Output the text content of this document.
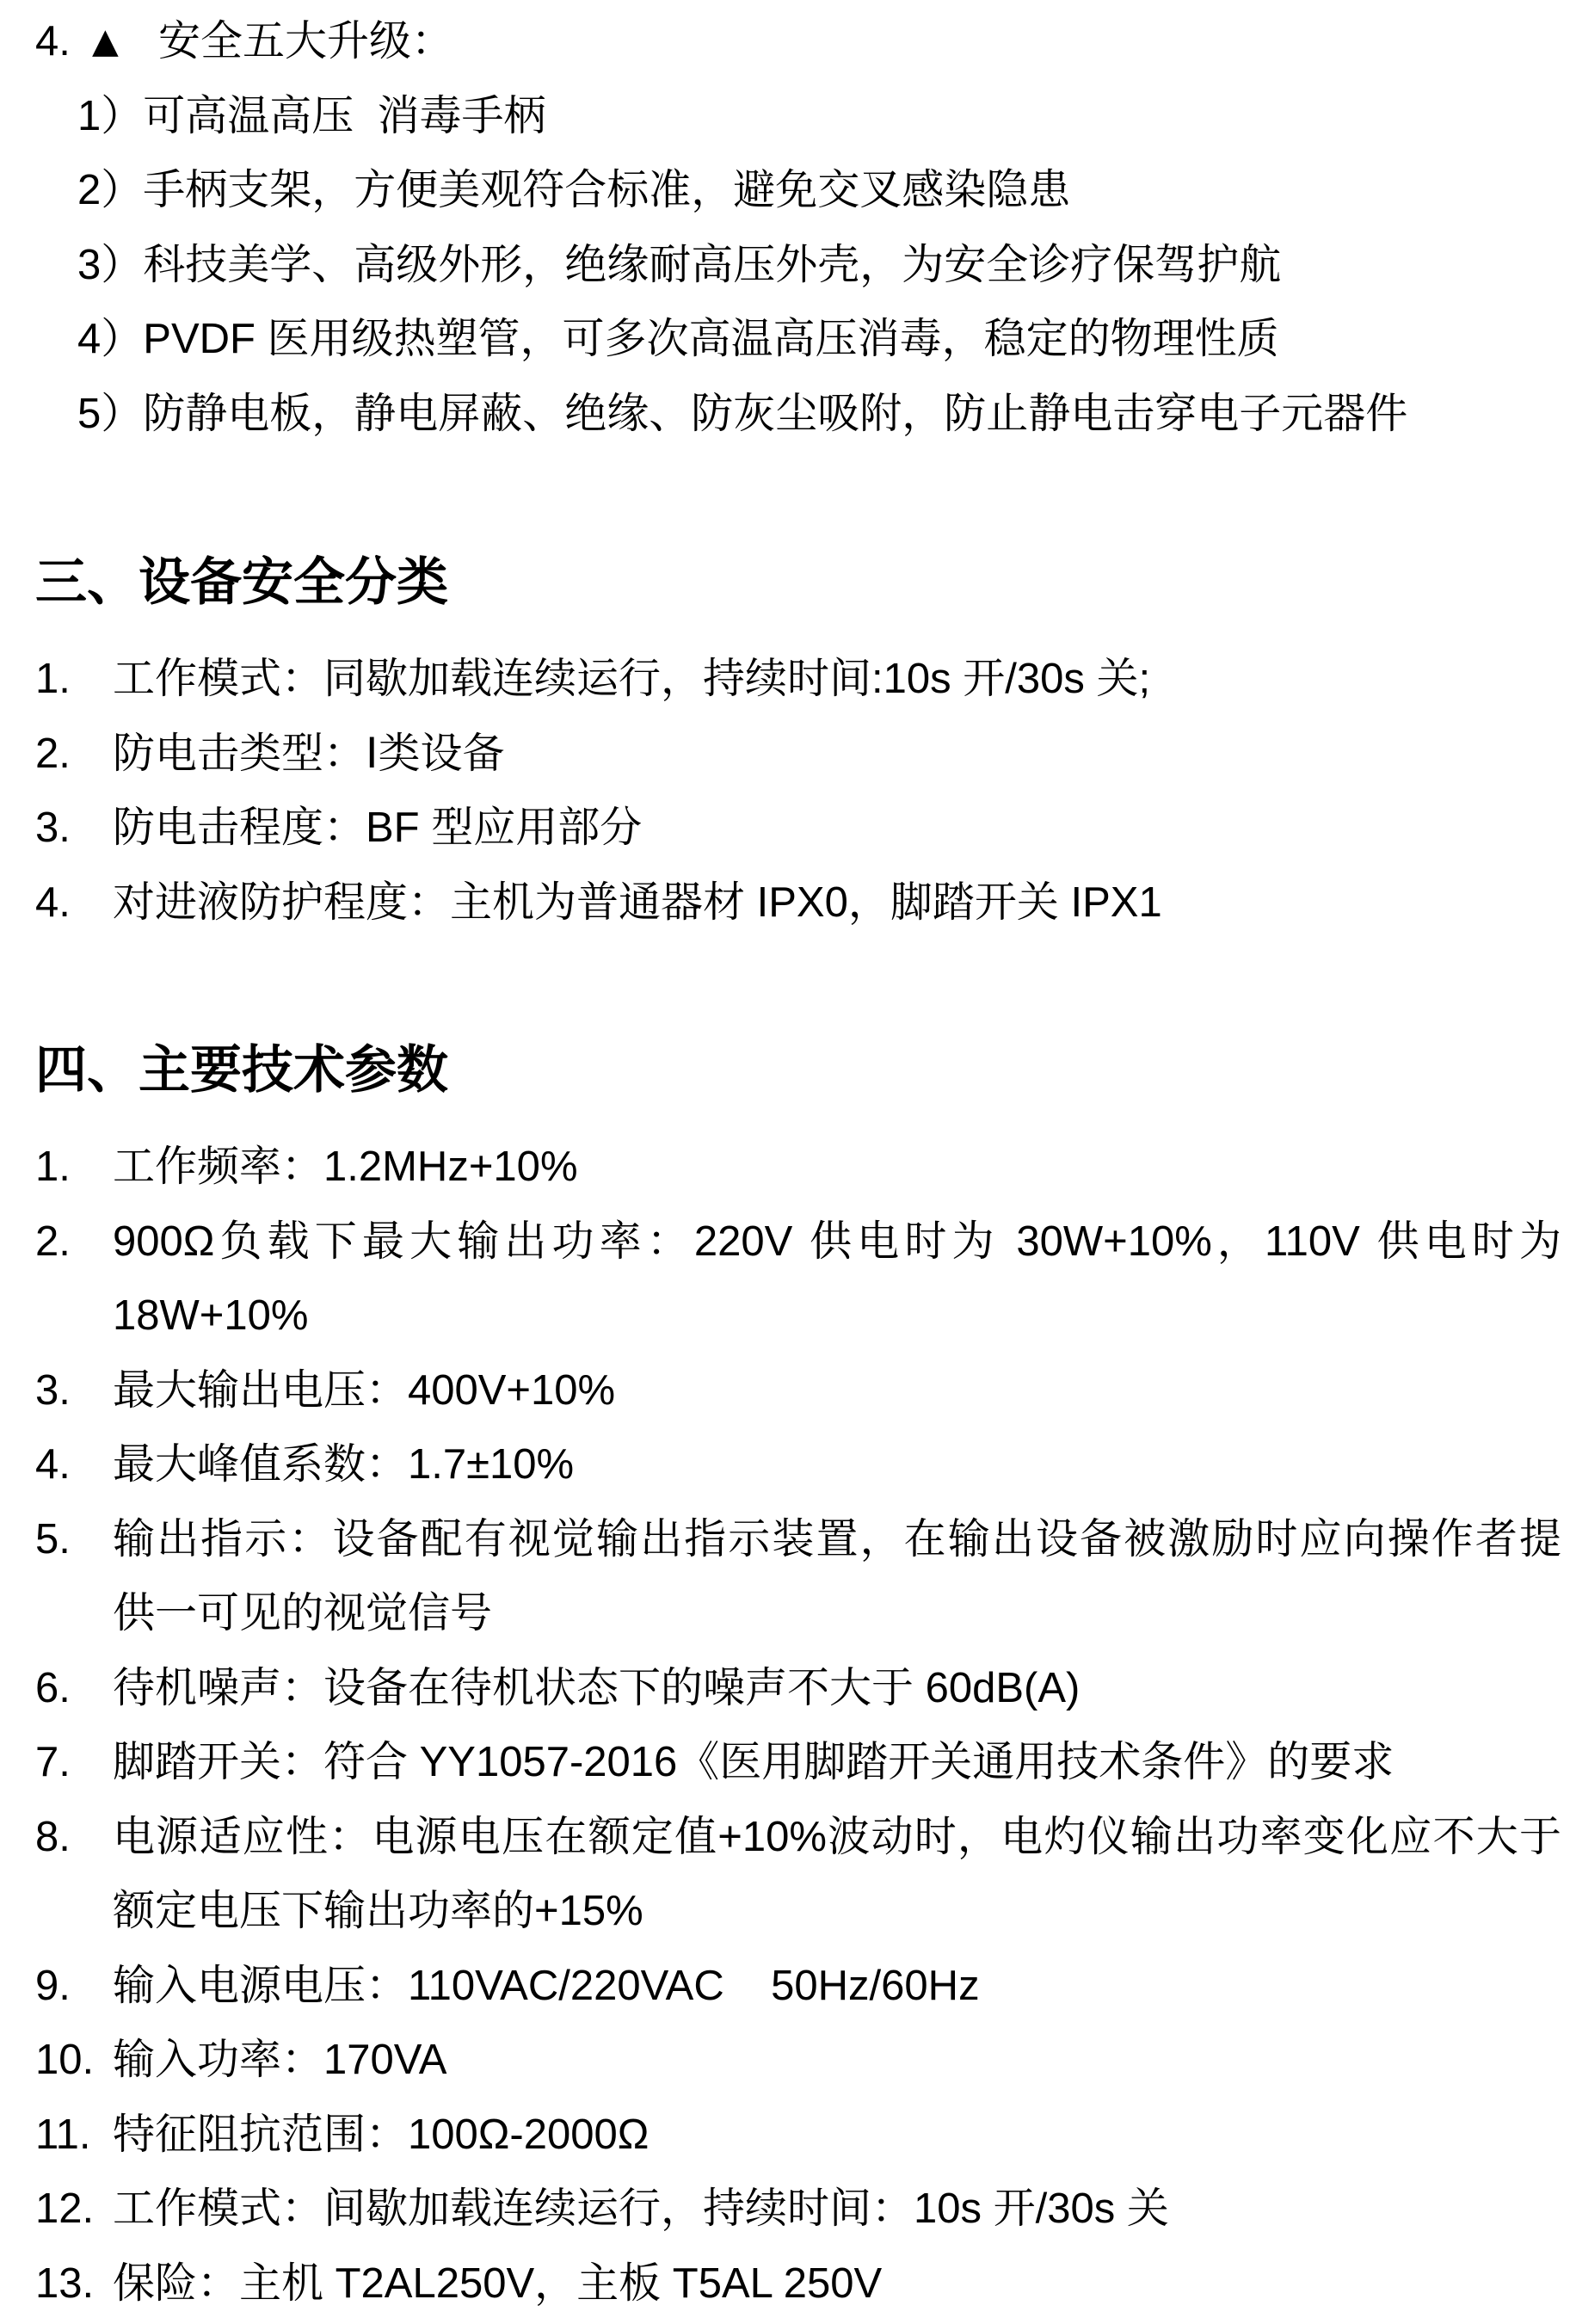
4. ▲ 安全五大升级：
1） 可高温高压  消毒手柄
2） 手柄支架，方便美观符合标准，避免交叉感染隐患
3） 科技美学、高级外形，绝缘耐高压外壳，为安全诊疗保驾护航
4） PVDF 医用级热塑管，可多次高温高压消毒，稳定的物理性质
5） 防静电板，静电屏蔽、绝缘、防灰尘吸附，防止静电击穿电子元器件
三、设备安全分类
1.	工作模式：同歇加载连续运行，持续时间:10s 开/30s 关;
2.	防电击类型：Ⅰ类设备
3.	防电击程度：BF 型应用部分
4.	对进液防护程度：主机为普通器材 IPX0，脚踏开关 IPX1
四、主要技术参数
1.	工作频率：1.2MHz+10%
2.	900Ω负载下最大输出功率：220V 供电时为 30W+10%，110V 供电时为
18W+10%
3.	最大输出电压：400V+10%
4.	最大峰值系数：1.7±10%
5.	输出指示：设备配有视觉输出指示装置，在输出设备被激励时应向操作者提
供一可见的视觉信号
6.	待机噪声：设备在待机状态下的噪声不大于 60dB(A)
7.	脚踏开关：符合 YY1057-2016《医用脚踏开关通用技术条件》的要求
8.	电源适应性：电源电压在额定值+10%波动时，电灼仪输出功率变化应不大于
额定电压下输出功率的+15%
9.	输入电源电压：110VAC/220VAC    50Hz/60Hz
10. 输入功率：170VA
11. 特征阻抗范围：100Ω-2000Ω
12. 工作模式：间歇加载连续运行，持续时间：10s 开/30s 关
13. 保险：主机 T2AL250V，主板 T5AL 250V
